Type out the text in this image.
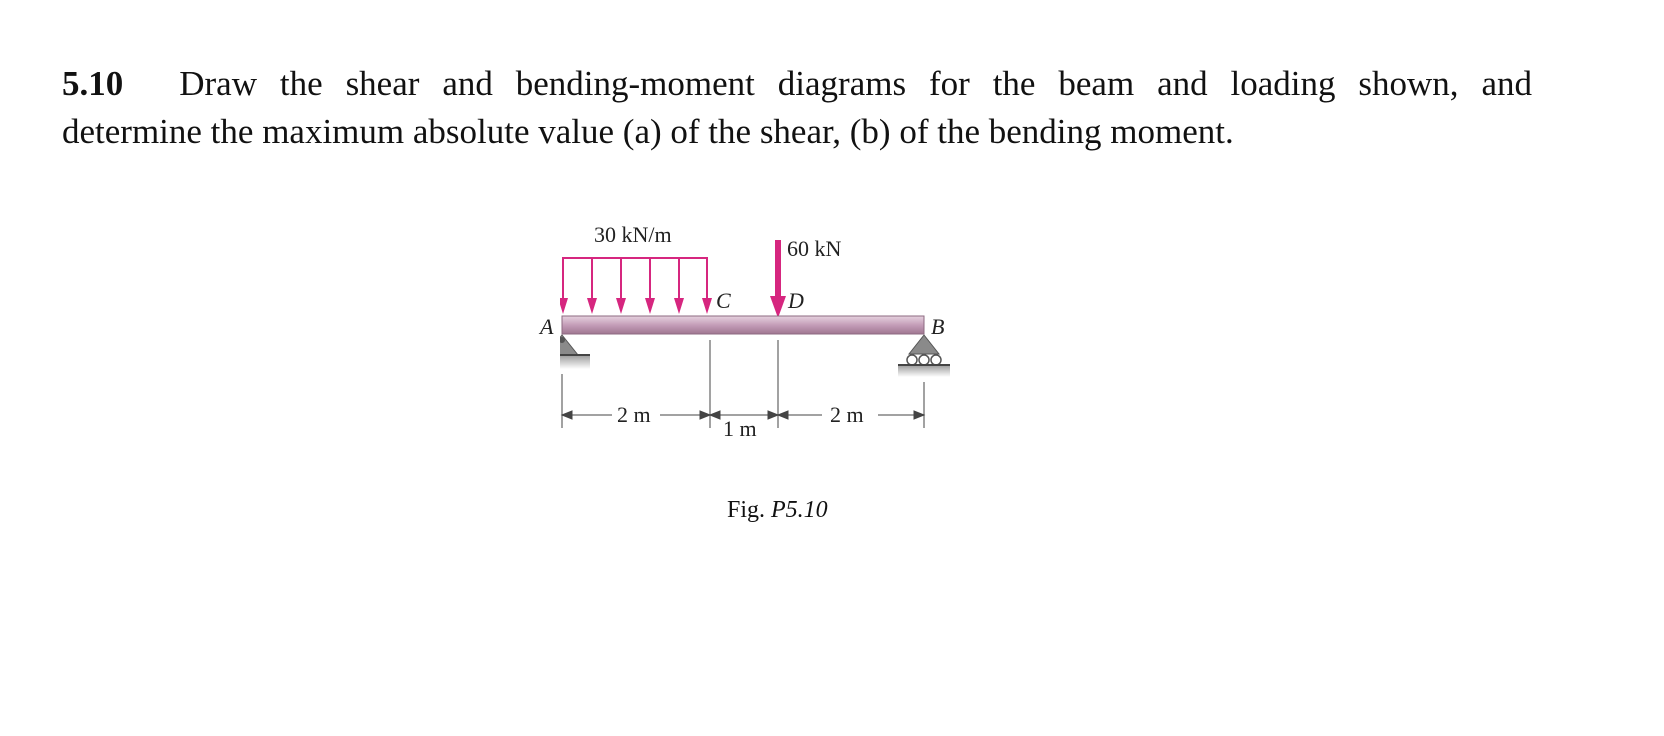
5.10 Draw the shear and bending-moment diagrams for the beam and loading shown, and
determine the maximum absolute value (a) of the shear, (b) of the bending moment.
30 kN/m
60 kN
A	B
C	D
2 m
1 m
2 m
Fig. P5.10
